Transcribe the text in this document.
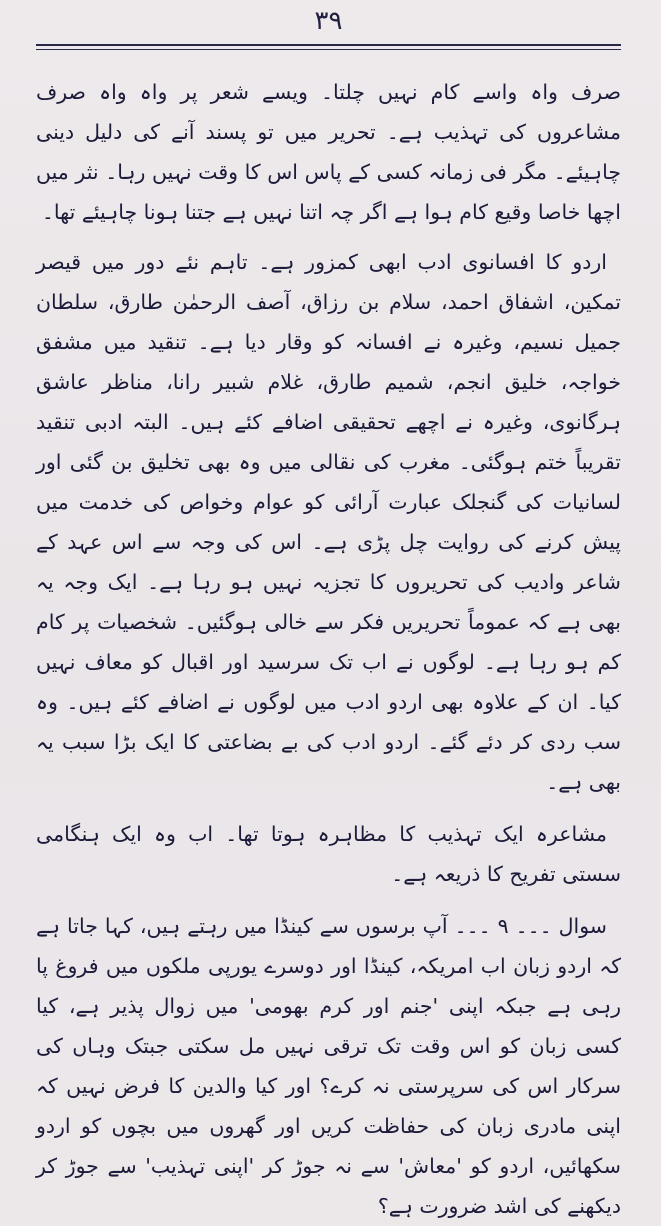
۳۹

صرف واہ واسے کام نہیں چلتا۔ ویسے شعر پر واہ واہ صرف مشاعروں کی تہذیب ہے۔ تحریر میں تو پسند آنے کی دلیل دینی چاہیئے۔ مگر فی زمانہ کسی کے پاس اس کا وقت نہیں رہا۔ نثر میں اچھا خاصا وقیع کام ہوا ہے اگر چہ اتنا نہیں ہے جتنا ہونا چاہیئے تھا۔

اردو کا افسانوی ادب ابھی کمزور ہے۔ تاہم نئے دور میں قیصر تمکین، اشفاق احمد، سلام بن رزاق، آصف الرحمٰن طارق، سلطان جمیل نسیم، وغیرہ نے افسانہ کو وقار دیا ہے۔ تنقید میں مشفق خواجہ، خلیق انجم، شمیم طارق، غلام شبیر رانا، مناظر عاشق ہرگانوی، وغیرہ نے اچھے تحقیقی اضافے کئے ہیں۔ البتہ ادبی تنقید تقریباً ختم ہوگئی۔ مغرب کی نقالی میں وہ بھی تخلیق بن گئی اور لسانیات کی گنجلک عبارت آرائی کو عوام وخواص کی خدمت میں پیش کرنے کی روایت چل پڑی ہے۔ اس کی وجہ سے اس عہد کے شاعر وادیب کی تحریروں کا تجزیہ نہیں ہو رہا ہے۔ ایک وجہ یہ بھی ہے کہ عموماً تحریریں فکر سے خالی ہوگئیں۔ شخصیات پر کام کم ہو رہا ہے۔ لوگوں نے اب تک سرسید اور اقبال کو معاف نہیں کیا۔ ان کے علاوہ بھی اردو ادب میں لوگوں نے اضافے کئے ہیں۔ وہ سب ردی کر دئے گئے۔ اردو ادب کی بے بضاعتی کا ایک بڑا سبب یہ بھی ہے۔

مشاعرہ ایک تہذیب کا مظاہرہ ہوتا تھا۔ اب وہ ایک ہنگامی سستی تفریح کا ذریعہ ہے۔

سوال ۔۔۔ ۹ ۔۔۔ آپ برسوں سے کینڈا میں رہتے ہیں، کہا جاتا ہے کہ اردو زبان اب امریکہ، کینڈا اور دوسرے یورپی ملکوں میں فروغ پا رہی ہے جبکہ اپنی 'جنم اور کرم بھومی' میں زوال پذیر ہے، کیا کسی زبان کو اس وقت تک ترقی نہیں مل سکتی جبتک وہاں کی سرکار اس کی سرپرستی نہ کرے؟ اور کیا والدین کا فرض نہیں کہ اپنی مادری زبان کی حفاظت کریں اور گھروں میں بچوں کو اردو سکھائیں، اردو کو 'معاش' سے نہ جوڑ کر 'اپنی تہذیب' سے جوڑ کر دیکھنے کی اشد ضرورت ہے؟
